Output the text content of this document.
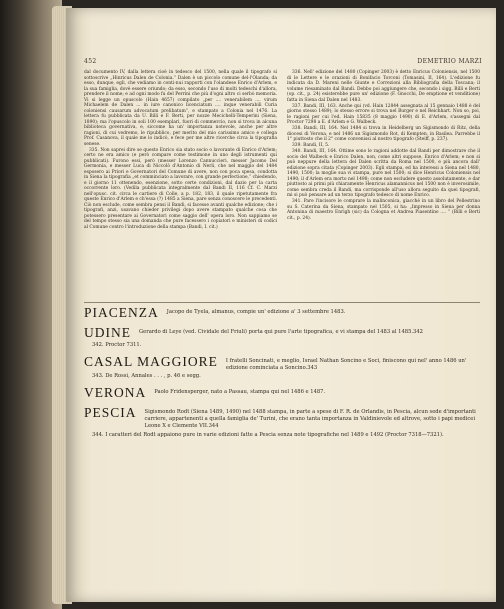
452	DEMETRIO MARZI

dal documento IV, dalla lettera cioè in tedesco del 1500, nella quale il tipografo si sottoscrive „Hinricus Dalen de Colonia.“ Dalen è un piccolo comune del-l'Olanda; da esso, dunque, egli, che vediamo in conti-nui rapporti con l'olandese Enrico d'Arlem, e la sua famiglia, dovè essere oriundo; da esso, secondo l'uso di molti tedeschi d'allora, prendere il nome; e ad ogni modo fu del Perrini che più d'ogni altro ci serbò memoria. Vi si legge un opuscolo (Hain 4657) compilato „per .... venerabilem .... virum Michaelem de Dalen ... in iure canonico licenciatum .... inque venerabili Curia coloniensi causarum advocatum prelibatum“, e stampato a Colonia nel 1476. La lettera fu pubblicata da U. Billi e F. Berti, per nozze Mecichelli-Temperini (Siena, 1890); ma l'opuscolo in soli 100 esemplari, fuori di commercio, non si trova in alcuna biblioteca governativa, e, siccome ha un' importanza notevole, anche per altre ragioni, di cui vedremo, le ripubblico, per merito del mio carissimo amico e collega Prof. Casanova, il quale me lo indicò, e fece per me altre ricerche circa la tipografia senese.

335. Non saprei dire se questo Enrico sia stato socio o lavorante di Enrico d'Arlem; certo ne era amico (e però compare come testimone in uno degli istrumenti qui pubblicati). Furono essi, però (messer Lorenzo Cannuccieri, messer Jacomo Del Germonia, e messer Luca di Niccolò d'Antonio di Nerli, che nel maggio del 1484 esposero ai Priori e Governatori del Comune di avere, non con poca spesa, condotta in Siena la tipografia „et comminciato a lavorare, con grande perfectione,“ chiedendo, e il giorno 11 ottenendo, esenzione, sotto certe condizioni, dal dazio per la carta occorrente loro. (Vedila pubblicata integralmente dal Bandi II, 116 Cf. C. Marzi nell'opusc. cit. circa le cartiere di Colle, a p. 182, 183, il quale ripetutamente fra queste Enrico d'Arlem e ch'essa (?) 1485 a Siena, pare senza conoscere le precedenti. Ciò non esclude, come sembra pensi il Bandi, si facesse avanti qualche edizione; che i tipografi, anzi, usavano chieder privilegi dopo avere stampato qualche cosa che potessero presentare ai Governatori come saggio dell' opera loro. Non sappiamo se del tempo stesso sia una domanda che pure facessero i copiatori e ministeri di codici al Comune contro l'introduzione della stampa (Bandi, I. cit.)

336. Nell' edizione del 1480 (Copinger 2003) è detto Enricus Coloniensis, nel 1500 di le Lettere e le orazioni di Bonifacio Torconi (Tomasini, II, 164). L'edizione fu indicata da D. Mareni nelle Giunte e Correzioni alla Bibliografia della Toscana; il volume riesaminato dal Bandi. Debbo poi aggiungere che, secondo i sigg. Billi e Berti (op. cit., p. 24) esisterebbe pure un' edizione (F. Gnocchi, De emptione et venditione) fatta in Siena dal Dalen nel 1483.

337. Bandi, III, 163. Anche qui (vd. Hain 12844 assegnata al 15 gennaio 1488 è del giorno stesso 1489); lo stesso errore si trova nel Burger e nel Reichhart. Non so, poi, le ragioni per cui l'ed. Hain 15835 (8 maggio 1490) di E. d'Arlem, s'assegni dal Proctor 7298 a E. d'Arlem e G. Walbeck.

338. Bandi, III, 164. Nel 1484 si trova in Heidelberg un Sigismondo di Ritz, della diocesi di Verona, e nel 1486 un Sigismondo Rot, di Kempten, in Basilea. Parrebbe il 1° piuttosto che il 2° come convenissi al nostro tipografo (Steiff, p. 237).

339. Bandi, II, 5.

340. Bandi, III, 164. Ottime sono le ragioni addotte dal Bandi per dimostrare che il socio del Walbeck e Enrico Dalen, non, come altri suppose, Enrico d'Arlem; e non si può neppure della lettera del Dalen scritta da Roma nel 1500, e più ancora dall' edizione sopra citata (Copinger 2003). Egli stampa, ed ha interessi a Siena nel 1480, 1490, 1500; la moglie sua vi stampa, pure nel 1500; si dice Henricus Coloniensis nel 1490; il d'Arlem era morto nel 1498; come non escludere questo assolutamente, e dar piuttosto ai primi più chiaramente Henricus alamannicus nel 1500 non è inverosimile, come sembra creda il Bandi, ma corrisponde all'uso allora seguito da quei tipografi, mi si può pensare ad un terzo tipografo tedesco di nome Enrico.

341. Pare l'incisore le comprare la malinconica, giacchè in un libro del Pellestrino su S. Caterina da Siena, stampato nel 1505, si ha: „Impresso in Siena per donna Antonina di maestro Enrigh (sic) da Cologna et Andrea Piasentino .... “ (Billi e Berti cit., p. 24).

PIACENZA Jacopo de Tyela, almanus, compie un' edizione a' 3 settembre 1483.
UDINE Gerardo di Leye (ved. Cividale del Friuli) porta qui pure l'arte tipografica, e vi stampa del 1483 al 1485.342
342. Proctor 7311.
CASAL MAGGIORE I fratelli Soncinati, e meglio, Israel Nathan Soncino e Soci, finiscono qui nel' anno 1486 un' edizione cominciata a Soncino.343
343. De Rossi, Annales . . . , p. 46 e segg.
VERONA Paolo Fridensperger, nato a Passau, stampa qui nel 1486 e 1487.
PESCIA Sigismondo Rodt (Siena 1489, 1490) nel 1488 stampa, in parte a spese di F. R. de Orlandis, in Pescia, alcun sede d'importanti carriere, appartenenti a quella famiglia de' Turini, che erano tanta importanza in Valdinievole ed altrove, sotto i papi medicei Leone X e Clemente VII.344
344. I caratteri del Rodt appaiono pure in varie edizioni fatte a Pescia senza note tipografiche nel 1489 e 1492 (Proctor 7318—7321).
